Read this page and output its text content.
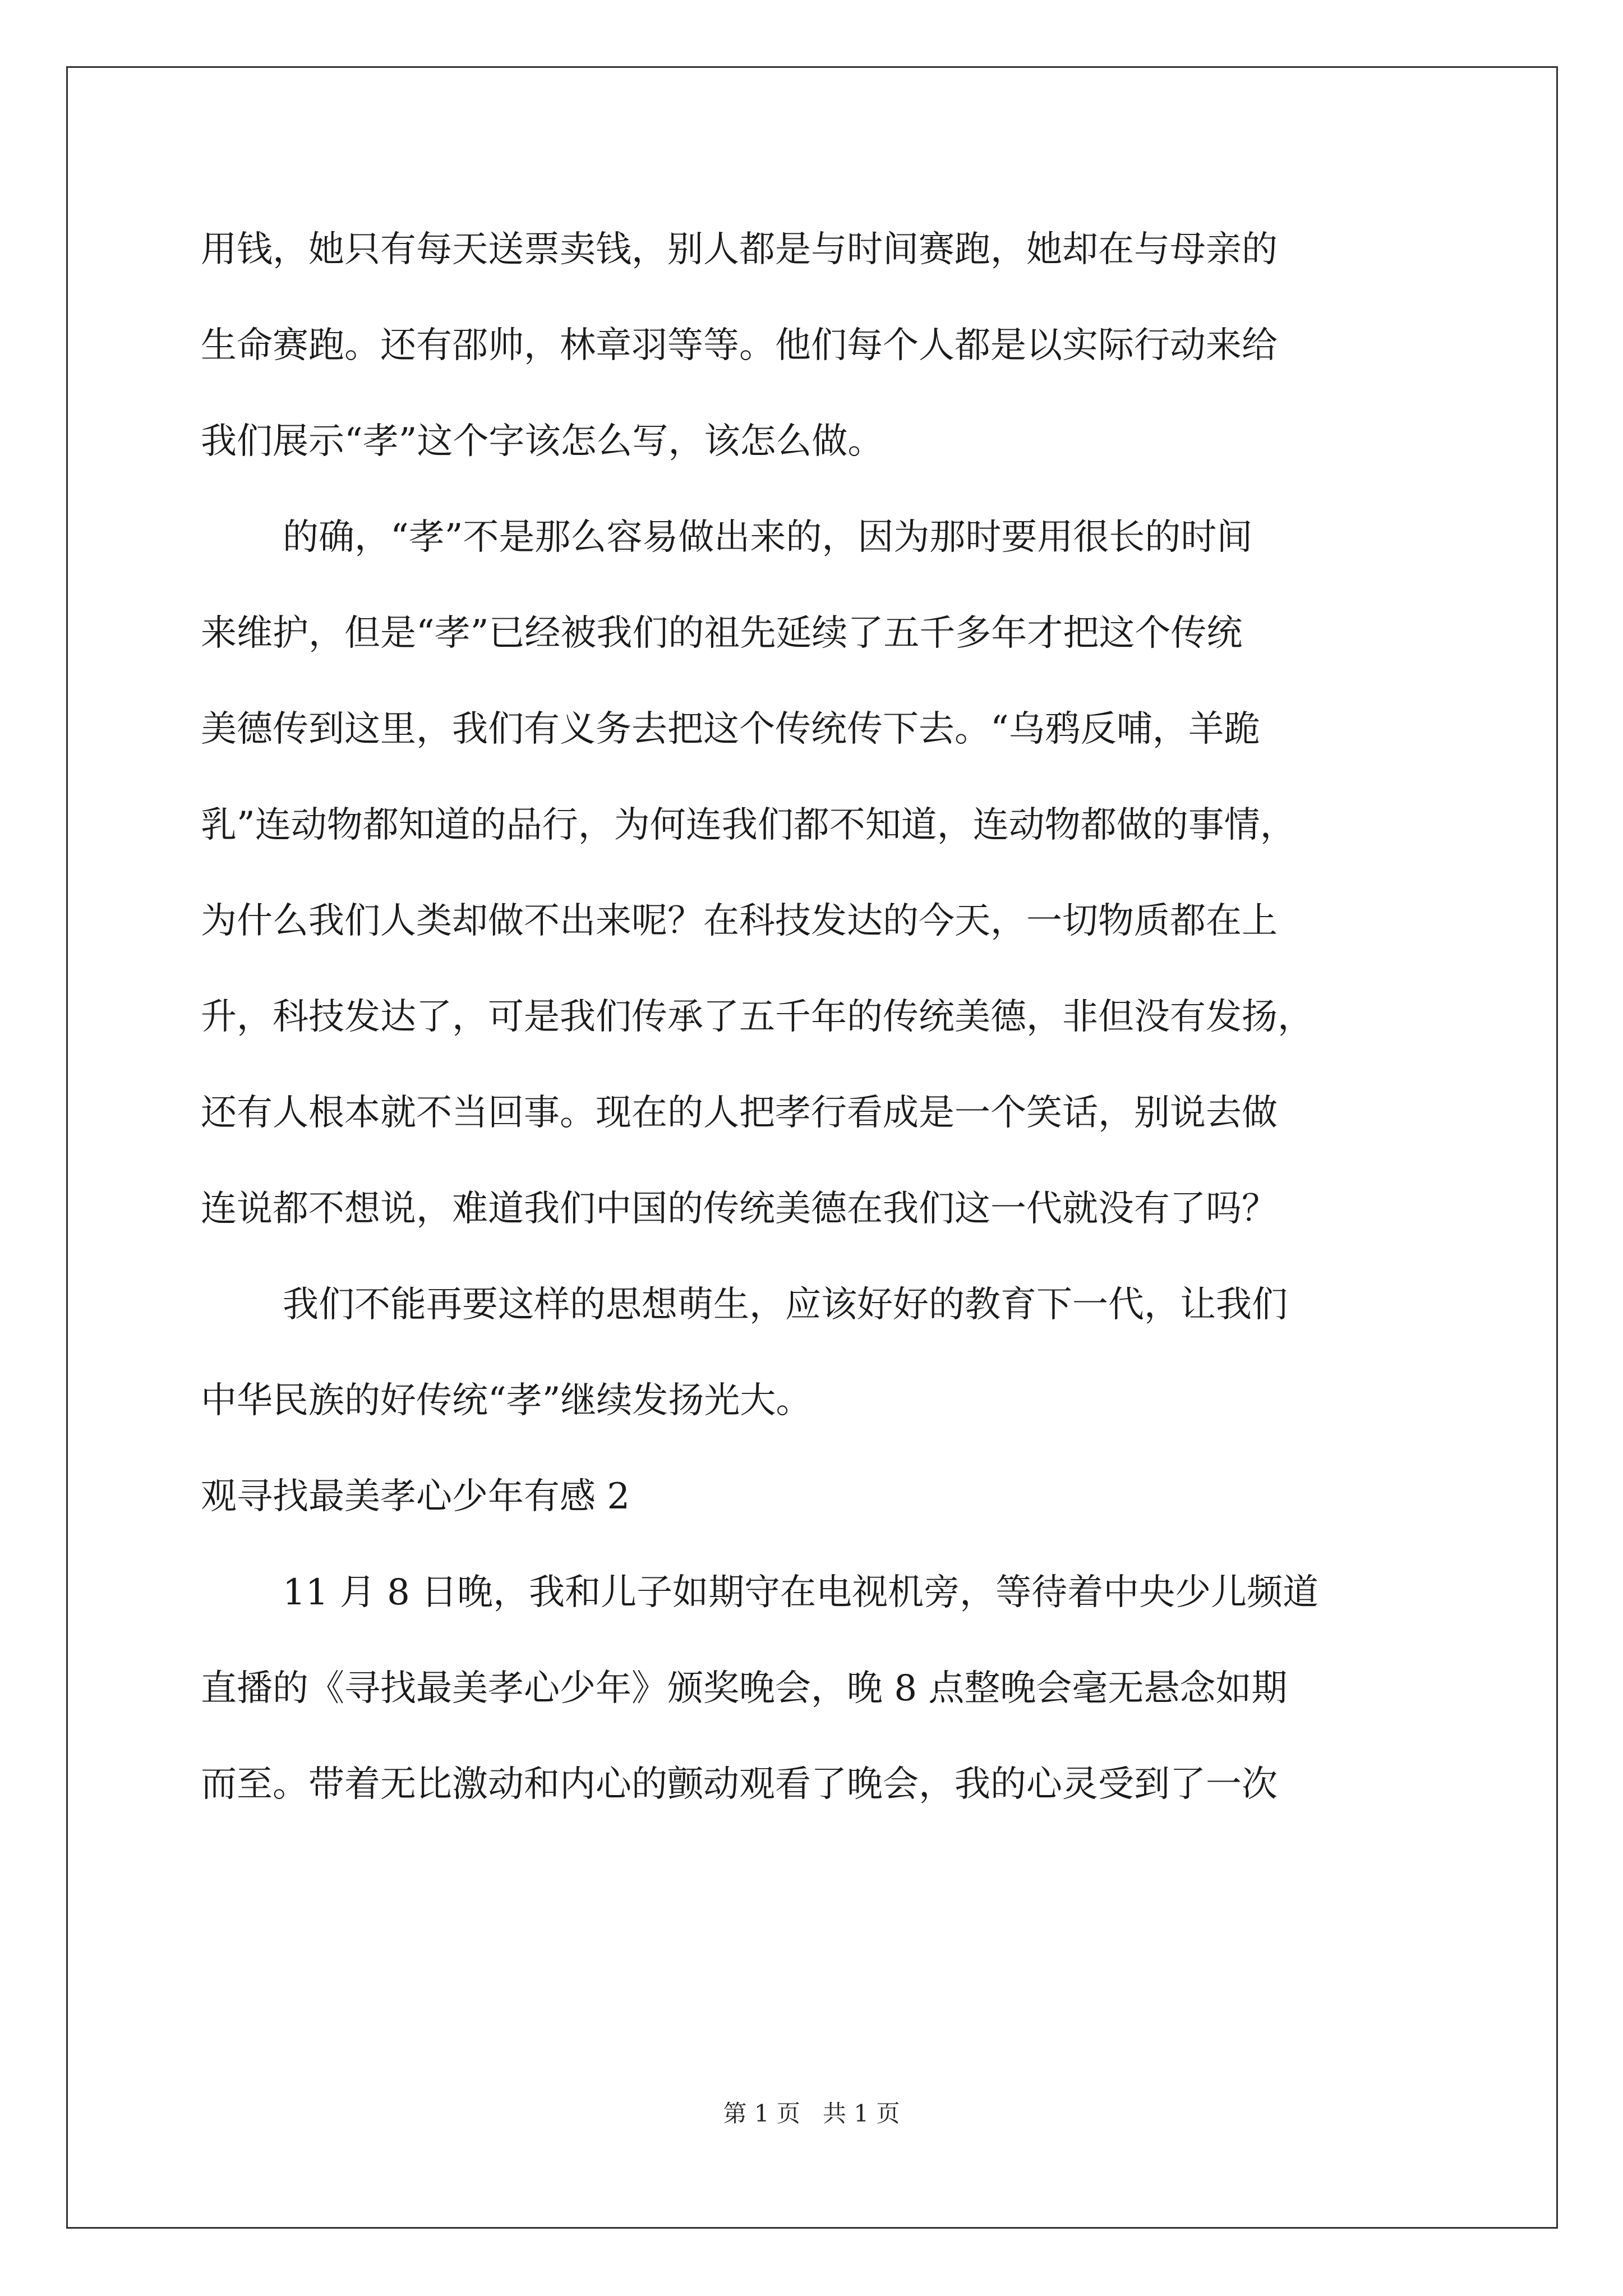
用钱，她只有每天送票卖钱，别人都是与时间赛跑，她却在与母亲的
生命赛跑。还有邵帅，林章羽等等。他们每个人都是以实际行动来给
我们展示“孝”这个字该怎么写，该怎么做。
的确，“孝”不是那么容易做出来的，因为那时要用很长的时间
来维护，但是“孝”已经被我们的祖先延续了五千多年才把这个传统
美德传到这里，我们有义务去把这个传统传下去。“乌鸦反哺，羊跪
乳”连动物都知道的品行，为何连我们都不知道，连动物都做的事情，
为什么我们人类却做不出来呢？在科技发达的今天，一切物质都在上
升，科技发达了，可是我们传承了五千年的传统美德，非但没有发扬，
还有人根本就不当回事。现在的人把孝行看成是一个笑话，别说去做
连说都不想说，难道我们中国的传统美德在我们这一代就没有了吗？
我们不能再要这样的思想萌生，应该好好的教育下一代，让我们
中华民族的好传统“孝”继续发扬光大。
观寻找最美孝心少年有感 2
11 月 8 日晚，我和儿子如期守在电视机旁，等待着中央少儿频道
直播的《寻找最美孝心少年》颁奖晚会，晚 8 点整晚会毫无悬念如期
而至。带着无比激动和内心的颤动观看了晚会，我的心灵受到了一次
第 1 页 共 1 页
